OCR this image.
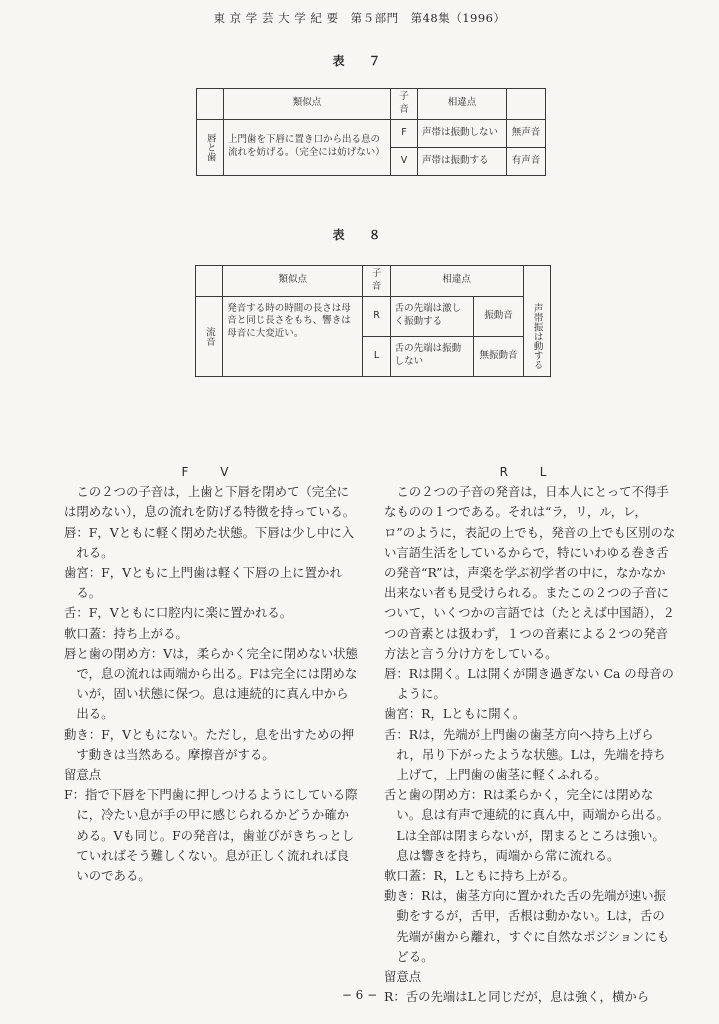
東 京 学 芸 大 学 紀 要　第５部門　第48集（1996）
表　７
	類似点	子音	相違点	
唇と歯	上門歯を下唇に置き口から出る息の流れを妨げる。（完全には妨げない）	F	声帯は振動しない	無声音
		V	声帯は振動する	有声音
表　８
	類似点	子音	相違点		
流音	発音する時の時間の長さは母音と同じ長さをもち、響きは母音に大変近い。	R	舌の先端は激しく振動する	振動音	声帯振は動する
		L	舌の先端は振動しない	無振動音	

F V

この２つの子音は，上歯と下唇を閉めて（完全には閉めない），息の流れを防げる特徴を持っている。

唇：F，Vともに軽く閉めた状態。下唇は少し中に入れる。

歯宮：F，Vともに上門歯は軽く下唇の上に置かれる。

舌：F，Vともに口腔内に楽に置かれる。

軟口蓋：持ち上がる。

唇と歯の閉め方：Vは，柔らかく完全に閉めない状態で，息の流れは両端から出る。Fは完全には閉めないが，固い状態に保つ。息は連続的に真ん中から出る。

動き：F，Vともにない。ただし，息を出すための押す動きは当然ある。摩擦音がする。

留意点

F：指で下唇を下門歯に押しつけるようにしている際に，冷たい息が手の甲に感じられるかどうか確かめる。Vも同じ。Fの発音は，歯並びがきちっとしていればそう難しくない。息が正しく流れれば良いのである。

R L

この２つの子音の発音は，日本人にとって不得手なものの１つである。それは“ラ，リ，ル，レ，ロ”のように，表記の上でも，発音の上でも区別のない言語生活をしているからで，特にいわゆる巻き舌の発音“R”は，声楽を学ぶ初学者の中に，なかなか出来ない者も見受けられる。またこの２つの子音について，いくつかの言語では（たとえば中国語），２つの音素とは扱わず，１つの音素による２つの発音方法と言う分け方をしている。

唇：Rは開く。Lは開くが開き過ぎない Ca の母音のように。

歯宮：R，Lともに開く。

舌：Rは，先端が上門歯の歯茎方向へ持ち上げられ，吊り下がったような状態。Lは，先端を持ち上げて，上門歯の歯茎に軽くふれる。

舌と歯の閉め方：Rは柔らかく，完全には閉めない。息は有声で連続的に真ん中，両端から出る。

Lは全部は閉まらないが，閉まるところは強い。息は響きを持ち，両端から常に流れる。

軟口蓋：R，Lともに持ち上がる。

動き：Rは，歯茎方向に置かれた舌の先端が速い振動をするが，舌甲，舌根は動かない。Lは，舌の先端が歯から離れ，すぐに自然なポジションにもどる。

留意点

R：舌の先端はLと同じだが，息は強く，横から

− 6 −
